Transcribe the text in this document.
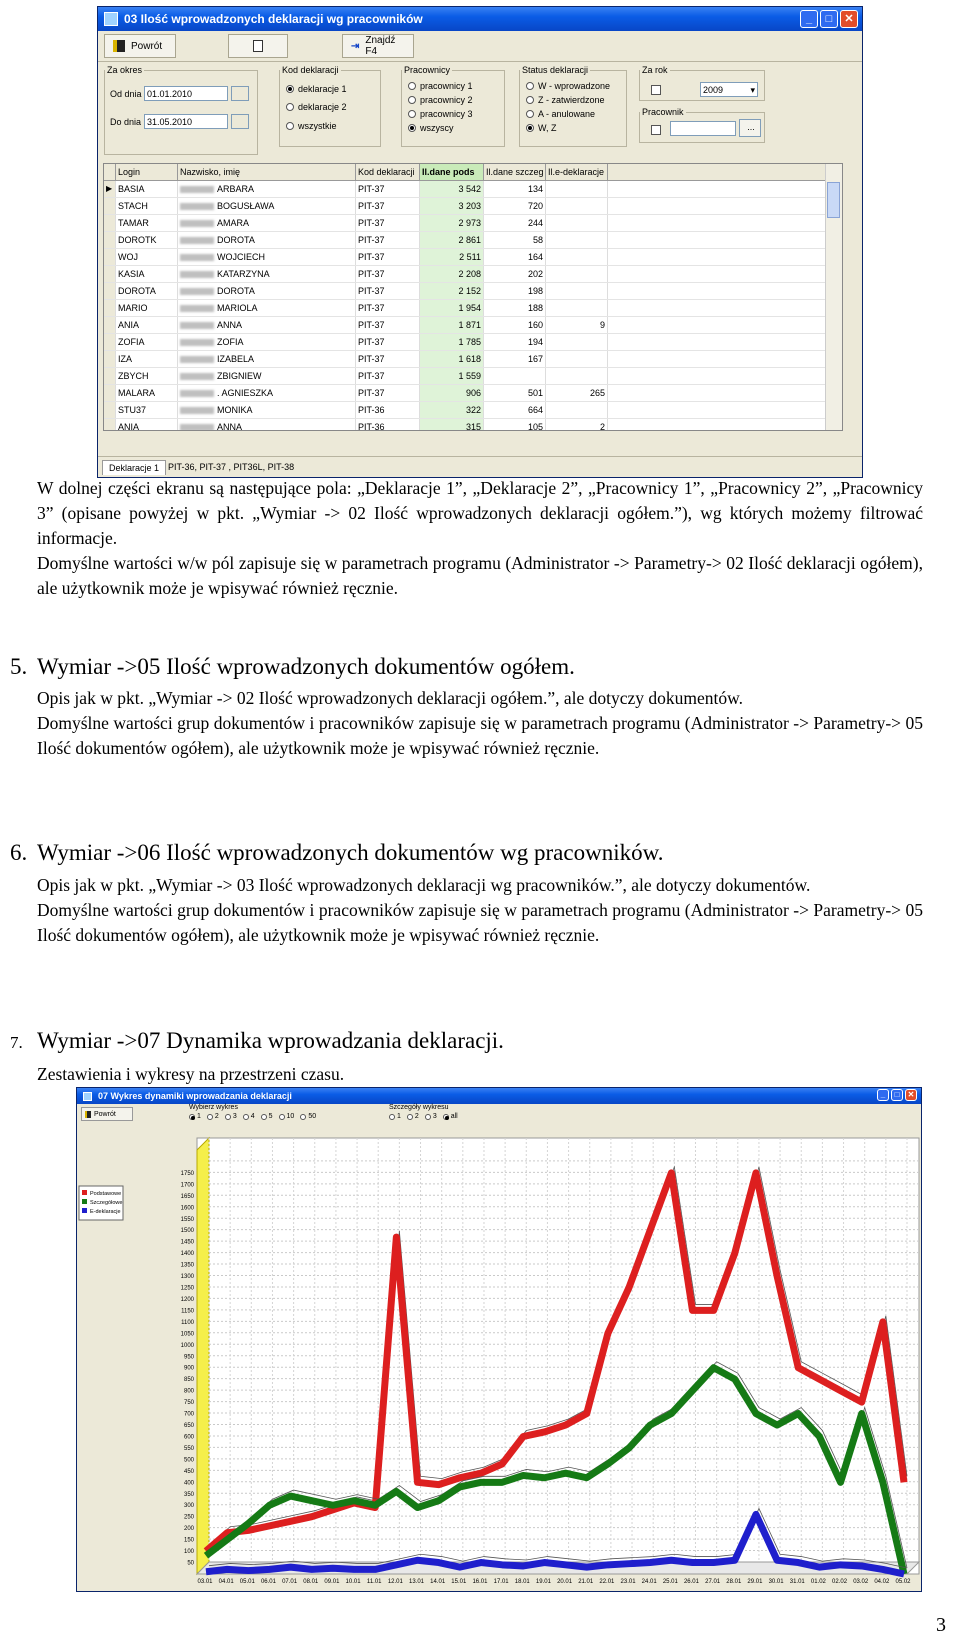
03 Ilość wprowadzonych deklaracji wg pracowników	_	□	✕
Powrót	⇥ Znajdź F4
Za okres
Od dnia 01.01.2010
Do dnia 31.05.2010
Kod deklaracji
deklaracje 1
deklaracje 2
wszystkie
Pracownicy
pracownicy 1
pracownicy 2
pracownicy 3
wszyscy
Status deklaracji
W - wprowadzone
Z - zatwierdzone
A - anulowane
W, Z
Za rok
2009	▾
Pracownik
...
Login	Nazwisko, imię	Kod deklaracji Il.dane pods	Il.dane szczeg Il.e-deklaracje
▶ BASIA	ARBARA	PIT-37	3 542	134
STACH	BOGUSŁAWA	PIT-37	3 203	720
TAMAR	AMARA	PIT-37	2 973	244
DOROTK	DOROTA	PIT-37	2 861	58
WOJ	WOJCIECH	PIT-37	2 511	164
KASIA	KATARZYNA	PIT-37	2 208	202
DOROTA	DOROTA	PIT-37	2 152	198
MARIO	MARIOLA	PIT-37	1 954	188
ANIA	ANNA	PIT-37	1 871	160	9
ZOFIA	ZOFIA	PIT-37	1 785	194
IZA	IZABELA	PIT-37	1 618	167
ZBYCH	ZBIGNIEW	PIT-37	1 559
MALARA	. AGNIESZKA	PIT-37	906	501	265
STU37	MONIKA	PIT-36	322	664
ANIA	ANNA	PIT-36	315	105	2
Deklaracje 1	PIT-36, PIT-37 , PIT36L, PIT-38

W dolnej części ekranu są następujące pola: „Deklaracje 1”, „Deklaracje 2”, „Pracownicy 1”, „Pracownicy 2”, „Pracownicy 3” (opisane powyżej w pkt. „Wymiar -> 02 Ilość wprowadzonych deklaracji ogółem.”), wg których możemy filtrować informacje.

Domyślne wartości w/w pól zapisuje się w parametrach programu (Administrator -> Parametry-> 02 Ilość deklaracji ogółem), ale użytkownik może je wpisywać również ręcznie.

5. Wymiar ->05 Ilość wprowadzonych dokumentów ogółem.

Opis jak w pkt. „Wymiar -> 02 Ilość wprowadzonych deklaracji ogółem.”, ale dotyczy dokumentów.

Domyślne wartości grup dokumentów i pracowników zapisuje się w parametrach programu (Administrator -> Parametry-> 05 Ilość dokumentów ogółem), ale użytkownik może je wpisywać również ręcznie.

6. Wymiar ->06 Ilość wprowadzonych dokumentów wg pracowników.

Opis jak w pkt. „Wymiar -> 03 Ilość wprowadzonych deklaracji wg pracowników.”, ale dotyczy dokumentów.

Domyślne wartości grup dokumentów i pracowników zapisuje się w parametrach programu (Administrator -> Parametry-> 05 Ilość dokumentów ogółem), ale użytkownik może je wpisywać również ręcznie.

7. Wymiar ->07 Dynamika wprowadzania deklaracji.

Zestawienia i wykresy na przestrzeni czasu.

07 Wykres dynamiki wprowadzania deklaracji	_	□	✕
Powrót
Wybierz wykres
1 2 3 4 5 10 50
Szczegóły wykresu
1 2 3 all
50
100
150
200
250
300
350
400
450
500
550
600
650
700
750
800
850
900
950
1000
1050
1100
1150
1200
1250
1300
1350
1400
1450
1500
1550
1600
1650
1700
1750
03.01 04.01 05.01 06.01 07.01 08.01 09.01 10.01 11.01 12.01 13.01 14.01 15.01 16.01 17.01 18.01 19.01 20.01 21.01 22.01 23.01 24.01 25.01 26.01 27.01 28.01 29.01 30.01 31.01 01.02 02.02 03.02 04.02 05.02
Podstawowe
Szczegółowe
E-deklaracje
3
